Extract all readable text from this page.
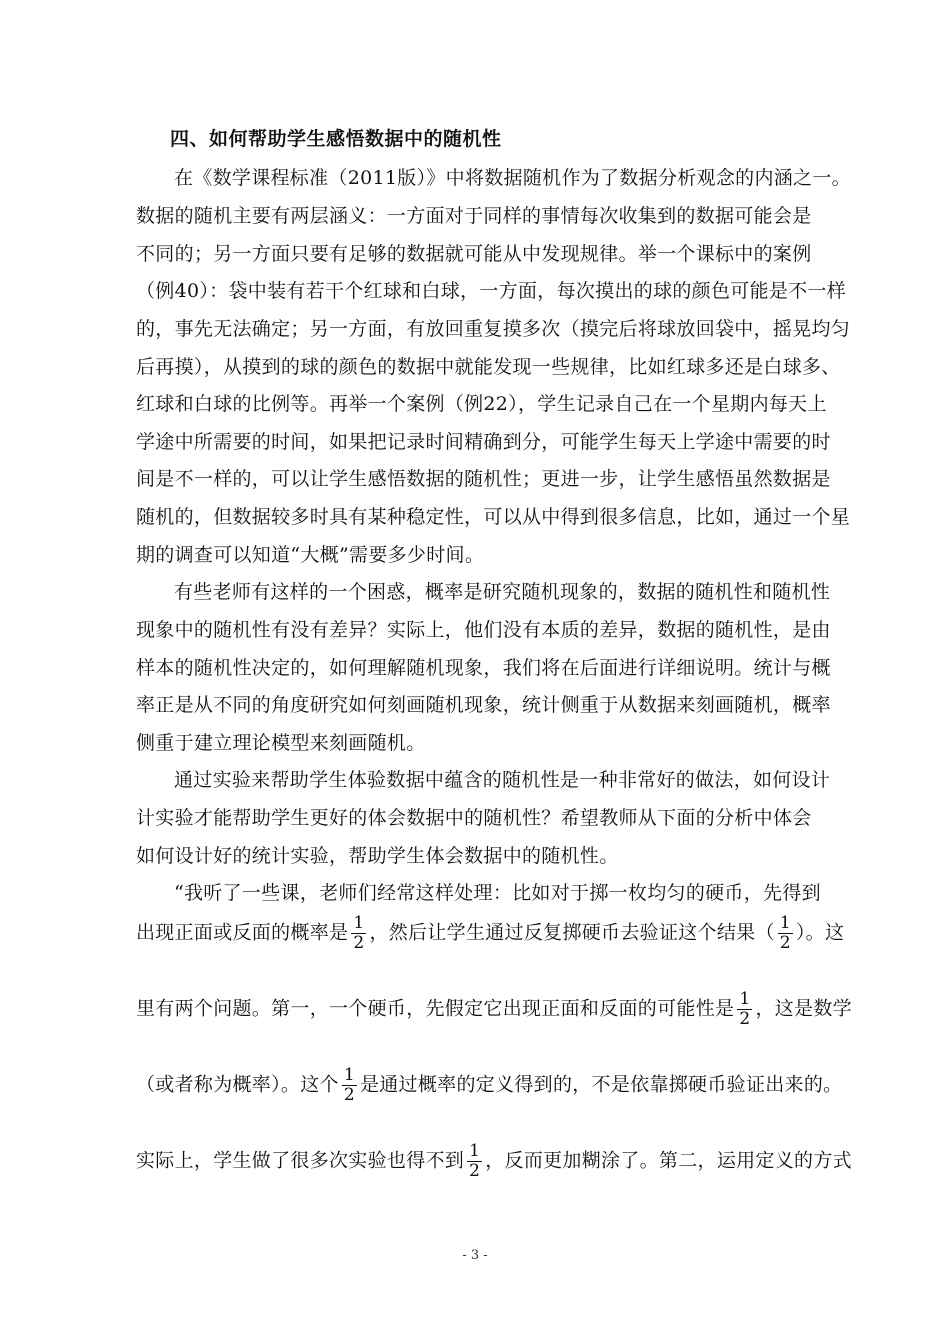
四、如何帮助学生感悟数据中的随机性
在《数学课程标准（2011版）》中将数据随机作为了数据分析观念的内涵之一。
数据的随机主要有两层涵义：一方面对于同样的事情每次收集到的数据可能会是
不同的；另一方面只要有足够的数据就可能从中发现规律。举一个课标中的案例
（例40）：袋中装有若干个红球和白球，一方面，每次摸出的球的颜色可能是不一样
的，事先无法确定；另一方面，有放回重复摸多次（摸完后将球放回袋中，摇晃均匀
后再摸），从摸到的球的颜色的数据中就能发现一些规律，比如红球多还是白球多、
红球和白球的比例等。再举一个案例（例22），学生记录自己在一个星期内每天上
学途中所需要的时间，如果把记录时间精确到分，可能学生每天上学途中需要的时
间是不一样的，可以让学生感悟数据的随机性；更进一步，让学生感悟虽然数据是
随机的，但数据较多时具有某种稳定性，可以从中得到很多信息，比如，通过一个星
期的调查可以知道“大概”需要多少时间。
有些老师有这样的一个困惑，概率是研究随机现象的，数据的随机性和随机性
现象中的随机性有没有差异？实际上，他们没有本质的差异，数据的随机性，是由
样本的随机性决定的，如何理解随机现象，我们将在后面进行详细说明。统计与概
率正是从不同的角度研究如何刻画随机现象，统计侧重于从数据来刻画随机，概率
侧重于建立理论模型来刻画随机。
通过实验来帮助学生体验数据中蕴含的随机性是一种非常好的做法，如何设计
计实验才能帮助学生更好的体会数据中的随机性？希望教师从下面的分析中体会
如何设计好的统计实验，帮助学生体会数据中的随机性。
“我听了一些课，老师们经常这样处理：比如对于掷一枚均匀的硬币，先得到
出现正面或反面的概率是 $\frac{1}{2}$ ，然后让学生通过反复掷硬币去验证这个结果（ $\frac{1}{2}$ ）。这
里有两个问题。第一，一个硬币，先假定它出现正面和反面的可能性是 $\frac{1}{2}$ ，这是数学
（或者称为概率）。这个 $\frac{1}{2}$ 是通过概率的定义得到的，不是依靠掷硬币验证出来的。
实际上，学生做了很多次实验也得不到 $\frac{1}{2}$ ，反而更加糊涂了。第二，运用定义的方式
- 3 -
